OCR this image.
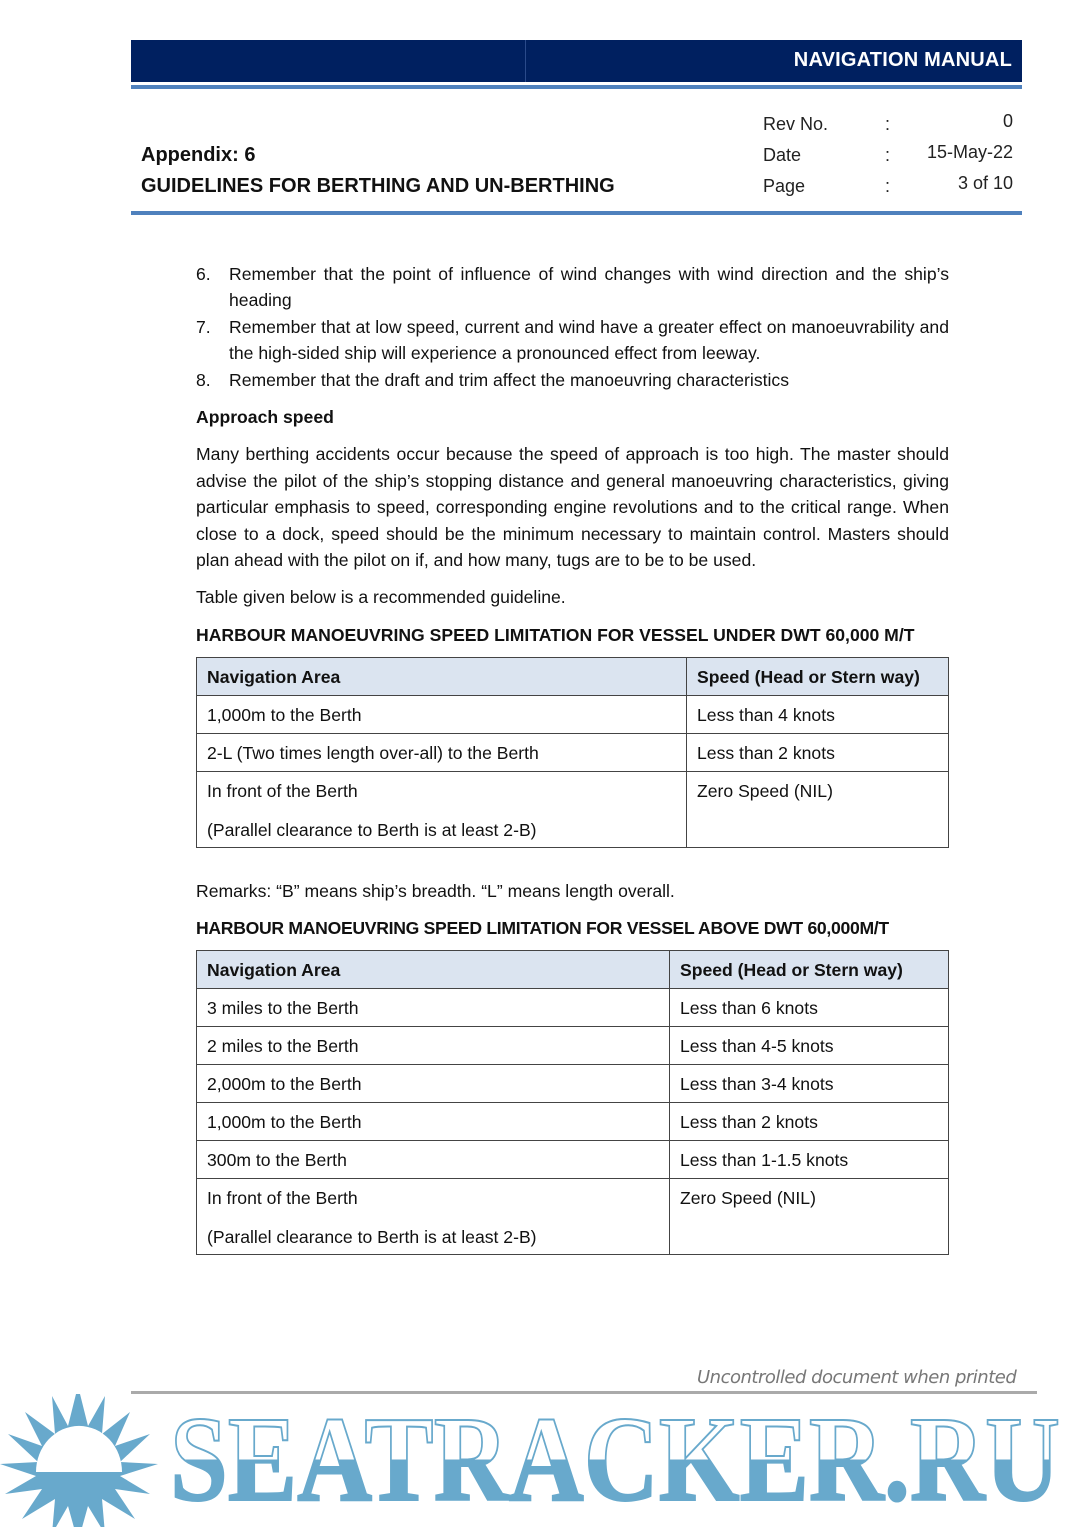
NAVIGATION MANUAL
Appendix: 6
GUIDELINES FOR BERTHING AND UN-BERTHING
Rev No.	:	0
Date	: 15-May-22
Page	:	3 of 10
6.	Remember that the point of influence of wind changes with wind direction and the ship’s heading
7.	Remember that at low speed, current and wind have a greater effect on manoeuvrability and the high-sided ship will experience a pronounced effect from leeway.
8.	Remember that the draft and trim affect the manoeuvring characteristics
Approach speed

Many berthing accidents occur because the speed of approach is too high. The master should advise the pilot of the ship’s stopping distance and general manoeuvring characteristics, giving particular emphasis to speed, corresponding engine revolutions and to the critical range. When close to a dock, speed should be the minimum necessary to maintain control. Masters should plan ahead with the pilot on if, and how many, tugs are to be to be used.

Table given below is a recommended guideline.

HARBOUR MANOEUVRING SPEED LIMITATION FOR VESSEL UNDER DWT 60,000 M/T
Navigation Area	Speed (Head or Stern way)
1,000m to the Berth	Less than 4 knots
2-L (Two times length over-all) to the Berth	Less than 2 knots

In front of the Berth
(Parallel clearance to Berth is at least 2-B)	Zero Speed (NIL)

Remarks: “B” means ship’s breadth. “L” means length overall.

HARBOUR MANOEUVRING SPEED LIMITATION FOR VESSEL ABOVE DWT 60,000M/T
Navigation Area	Speed (Head or Stern way)
3 miles to the Berth	Less than 6 knots
2 miles to the Berth	Less than 4-5 knots
2,000m to the Berth	Less than 3-4 knots
1,000m to the Berth	Less than 2 knots
300m to the Berth	Less than 1-1.5 knots

In front of the Berth
(Parallel clearance to Berth is at least 2-B)	Zero Speed (NIL)
Uncontrolled document when printed
SEATRACKER.RU
